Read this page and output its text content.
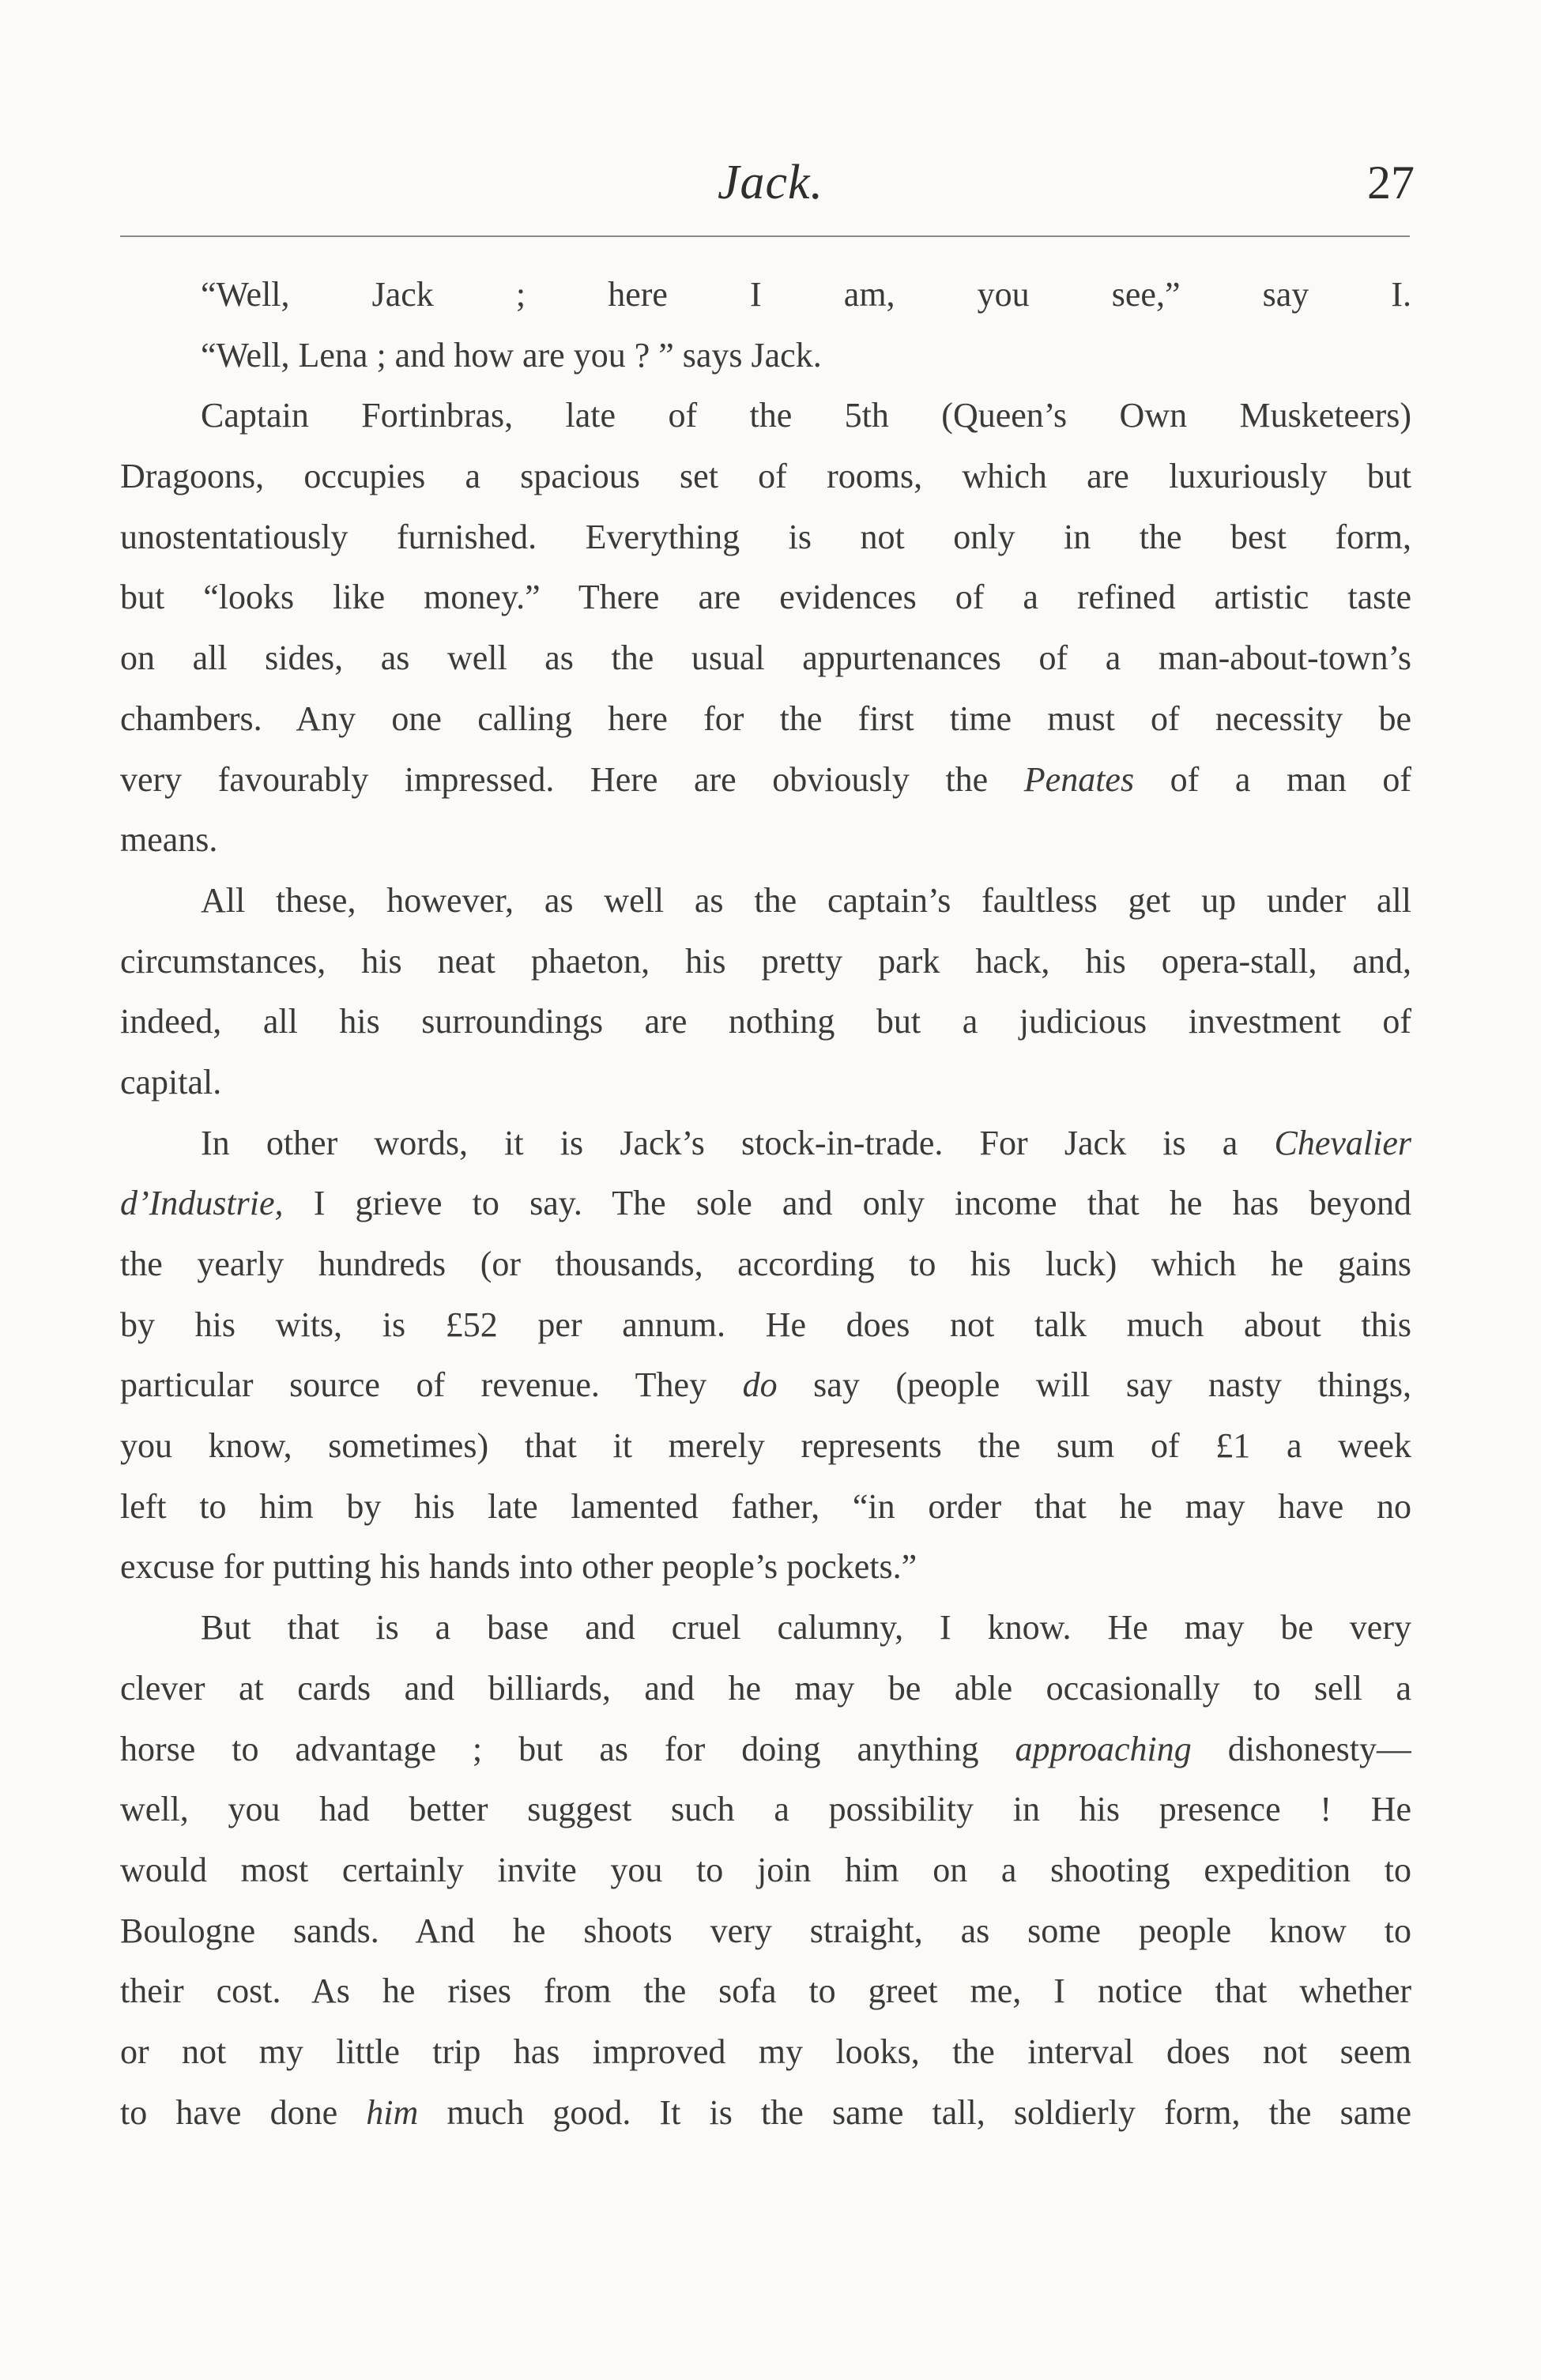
Jack.	27
“Well, Jack ; here I am, you see,” say I.
“Well, Lena ; and how are you ? ” says Jack.
Captain Fortinbras, late of the 5th (Queen’s Own Musketeers)
Dragoons, occupies a spacious set of rooms, which are luxuriously but
unostentatiously furnished. Everything is not only in the best form,
but “looks like money.” There are evidences of a refined artistic taste
on all sides, as well as the usual appurtenances of a man-about-town’s
chambers. Any one calling here for the first time must of necessity be
very favourably impressed. Here are obviously the Penates of a man of
means.
All these, however, as well as the captain’s faultless get up under all
circumstances, his neat phaeton, his pretty park hack, his opera-stall, and,
indeed, all his surroundings are nothing but a judicious investment of
capital.
In other words, it is Jack’s stock-in-trade. For Jack is a Chevalier
d’Industrie, I grieve to say. The sole and only income that he has beyond
the yearly hundreds (or thousands, according to his luck) which he gains
by his wits, is £52 per annum. He does not talk much about this
particular source of revenue. They do say (people will say nasty things,
you know, sometimes) that it merely represents the sum of £1 a week
left to him by his late lamented father, “in order that he may have no
excuse for putting his hands into other people’s pockets.”
But that is a base and cruel calumny, I know. He may be very
clever at cards and billiards, and he may be able occasionally to sell a
horse to advantage ; but as for doing anything approaching dishonesty—
well, you had better suggest such a possibility in his presence ! He
would most certainly invite you to join him on a shooting expedition to
Boulogne sands. And he shoots very straight, as some people know to
their cost. As he rises from the sofa to greet me, I notice that whether
or not my little trip has improved my looks, the interval does not seem
to have done him much good. It is the same tall, soldierly form, the same
